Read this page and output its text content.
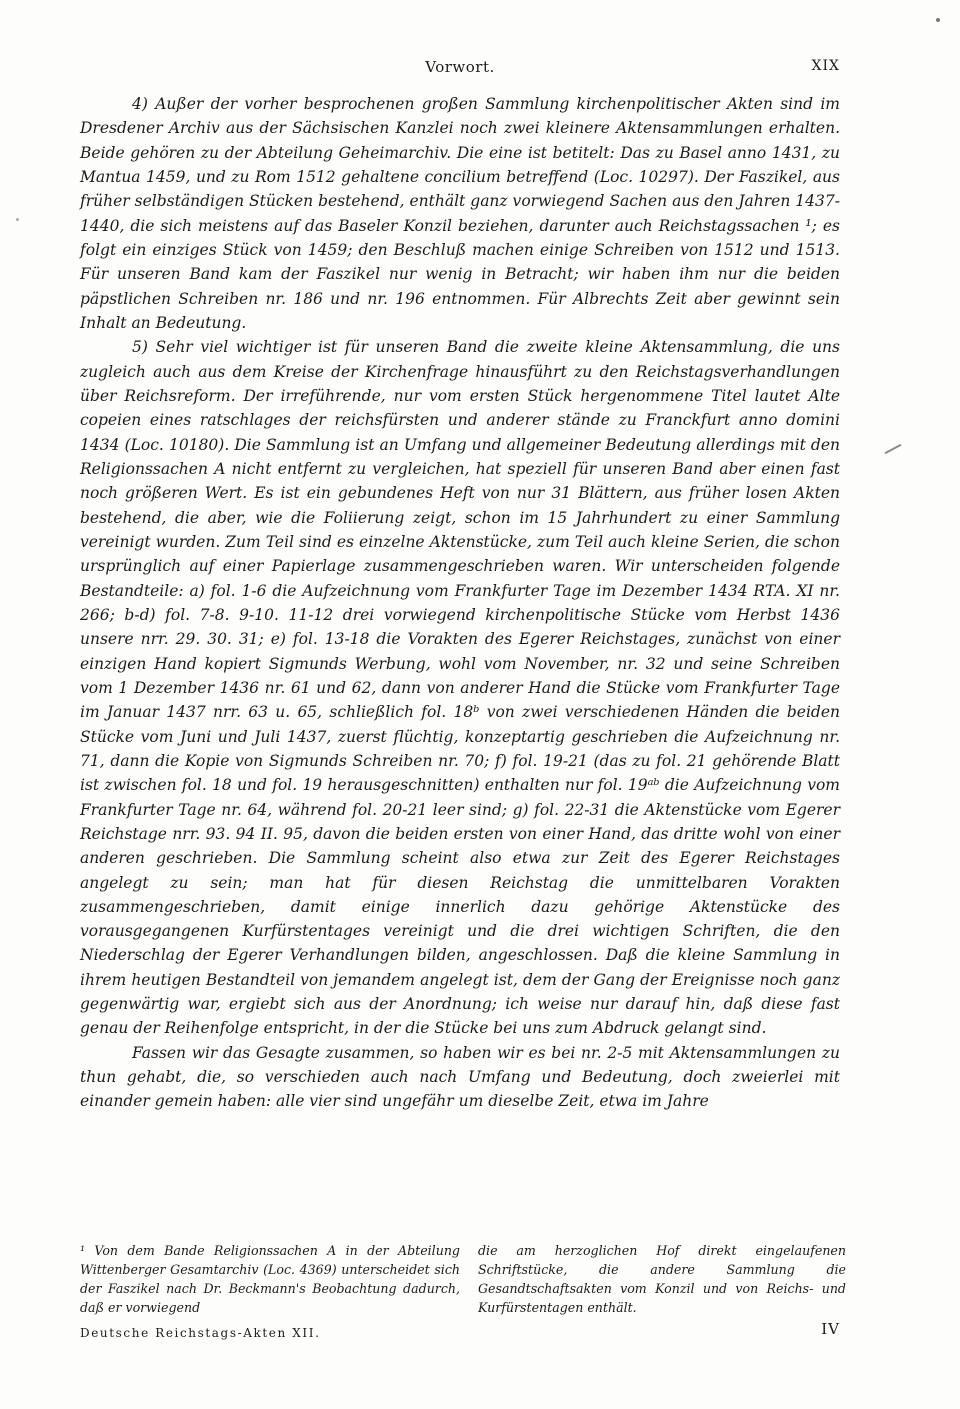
Vorwort.	XIX

4) Außer der vorher besprochenen großen Sammlung kirchenpolitischer Akten sind im Dresdener Archiv aus der Sächsischen Kanzlei noch zwei kleinere Aktensammlungen erhalten. Beide gehören zu der Abteilung Geheimarchiv. Die eine ist betitelt: Das zu Basel anno 1431, zu Mantua 1459, und zu Rom 1512 gehaltene concilium betreffend (Loc. 10297). Der Faszikel, aus früher selbständigen Stücken bestehend, enthält ganz vorwiegend Sachen aus den Jahren 1437-1440, die sich meistens auf das Baseler Konzil beziehen, darunter auch Reichstagssachen ¹; es folgt ein einziges Stück von 1459; den Beschluß machen einige Schreiben von 1512 und 1513. Für unseren Band kam der Faszikel nur wenig in Betracht; wir haben ihm nur die beiden päpstlichen Schreiben nr. 186 und nr. 196 entnommen. Für Albrechts Zeit aber gewinnt sein Inhalt an Bedeutung.

5) Sehr viel wichtiger ist für unseren Band die zweite kleine Aktensammlung, die uns zugleich auch aus dem Kreise der Kirchenfrage hinausführt zu den Reichstagsverhandlungen über Reichsreform. Der irreführende, nur vom ersten Stück hergenommene Titel lautet Alte copeien eines ratschlages der reichsfürsten und anderer stände zu Franckfurt anno domini 1434 (Loc. 10180). Die Sammlung ist an Umfang und allgemeiner Bedeutung allerdings mit den Religionssachen A nicht entfernt zu vergleichen, hat speziell für unseren Band aber einen fast noch größeren Wert. Es ist ein gebundenes Heft von nur 31 Blättern, aus früher losen Akten bestehend, die aber, wie die Foliierung zeigt, schon im 15 Jahrhundert zu einer Sammlung vereinigt wurden. Zum Teil sind es einzelne Aktenstücke, zum Teil auch kleine Serien, die schon ursprünglich auf einer Papierlage zusammengeschrieben waren. Wir unterscheiden folgende Bestandteile: a) fol. 1-6 die Aufzeichnung vom Frankfurter Tage im Dezember 1434 RTA. XI nr. 266; b-d) fol. 7-8. 9-10. 11-12 drei vorwiegend kirchenpolitische Stücke vom Herbst 1436 unsere nrr. 29. 30. 31; e) fol. 13-18 die Vorakten des Egerer Reichstages, zunächst von einer einzigen Hand kopiert Sigmunds Werbung, wohl vom November, nr. 32 und seine Schreiben vom 1 Dezember 1436 nr. 61 und 62, dann von anderer Hand die Stücke vom Frankfurter Tage im Januar 1437 nrr. 63 u. 65, schließlich fol. 18ᵇ von zwei verschiedenen Händen die beiden Stücke vom Juni und Juli 1437, zuerst flüchtig, konzeptartig geschrieben die Aufzeichnung nr. 71, dann die Kopie von Sigmunds Schreiben nr. 70; f) fol. 19-21 (das zu fol. 21 gehörende Blatt ist zwischen fol. 18 und fol. 19 herausgeschnitten) enthalten nur fol. 19ᵃᵇ die Aufzeichnung vom Frankfurter Tage nr. 64, während fol. 20-21 leer sind; g) fol. 22-31 die Aktenstücke vom Egerer Reichstage nrr. 93. 94 II. 95, davon die beiden ersten von einer Hand, das dritte wohl von einer anderen geschrieben. Die Sammlung scheint also etwa zur Zeit des Egerer Reichstages angelegt zu sein; man hat für diesen Reichstag die unmittelbaren Vorakten zusammengeschrieben, damit einige innerlich dazu gehörige Aktenstücke des vorausgegangenen Kurfürstentages vereinigt und die drei wichtigen Schriften, die den Niederschlag der Egerer Verhandlungen bilden, angeschlossen. Daß die kleine Sammlung in ihrem heutigen Bestandteil von jemandem angelegt ist, dem der Gang der Ereignisse noch ganz gegenwärtig war, ergiebt sich aus der Anordnung; ich weise nur darauf hin, daß diese fast genau der Reihenfolge entspricht, in der die Stücke bei uns zum Abdruck gelangt sind.

Fassen wir das Gesagte zusammen, so haben wir es bei nr. 2-5 mit Aktensammlungen zu thun gehabt, die, so verschieden auch nach Umfang und Bedeutung, doch zweierlei mit einander gemein haben: alle vier sind ungefähr um dieselbe Zeit, etwa im Jahre

¹ Von dem Bande Religionssachen A in der Abteilung Wittenberger Gesamtarchiv (Loc. 4369) unterscheidet sich der Faszikel nach Dr. Beckmann's Beobachtung dadurch, daß er vorwiegend
die am herzoglichen Hof direkt eingelaufenen Schriftstücke, die andere Sammlung die Gesandtschaftsakten vom Konzil und von Reichs- und Kurfürstentagen enthält.
Deutsche Reichstags-Akten XII.	IV
